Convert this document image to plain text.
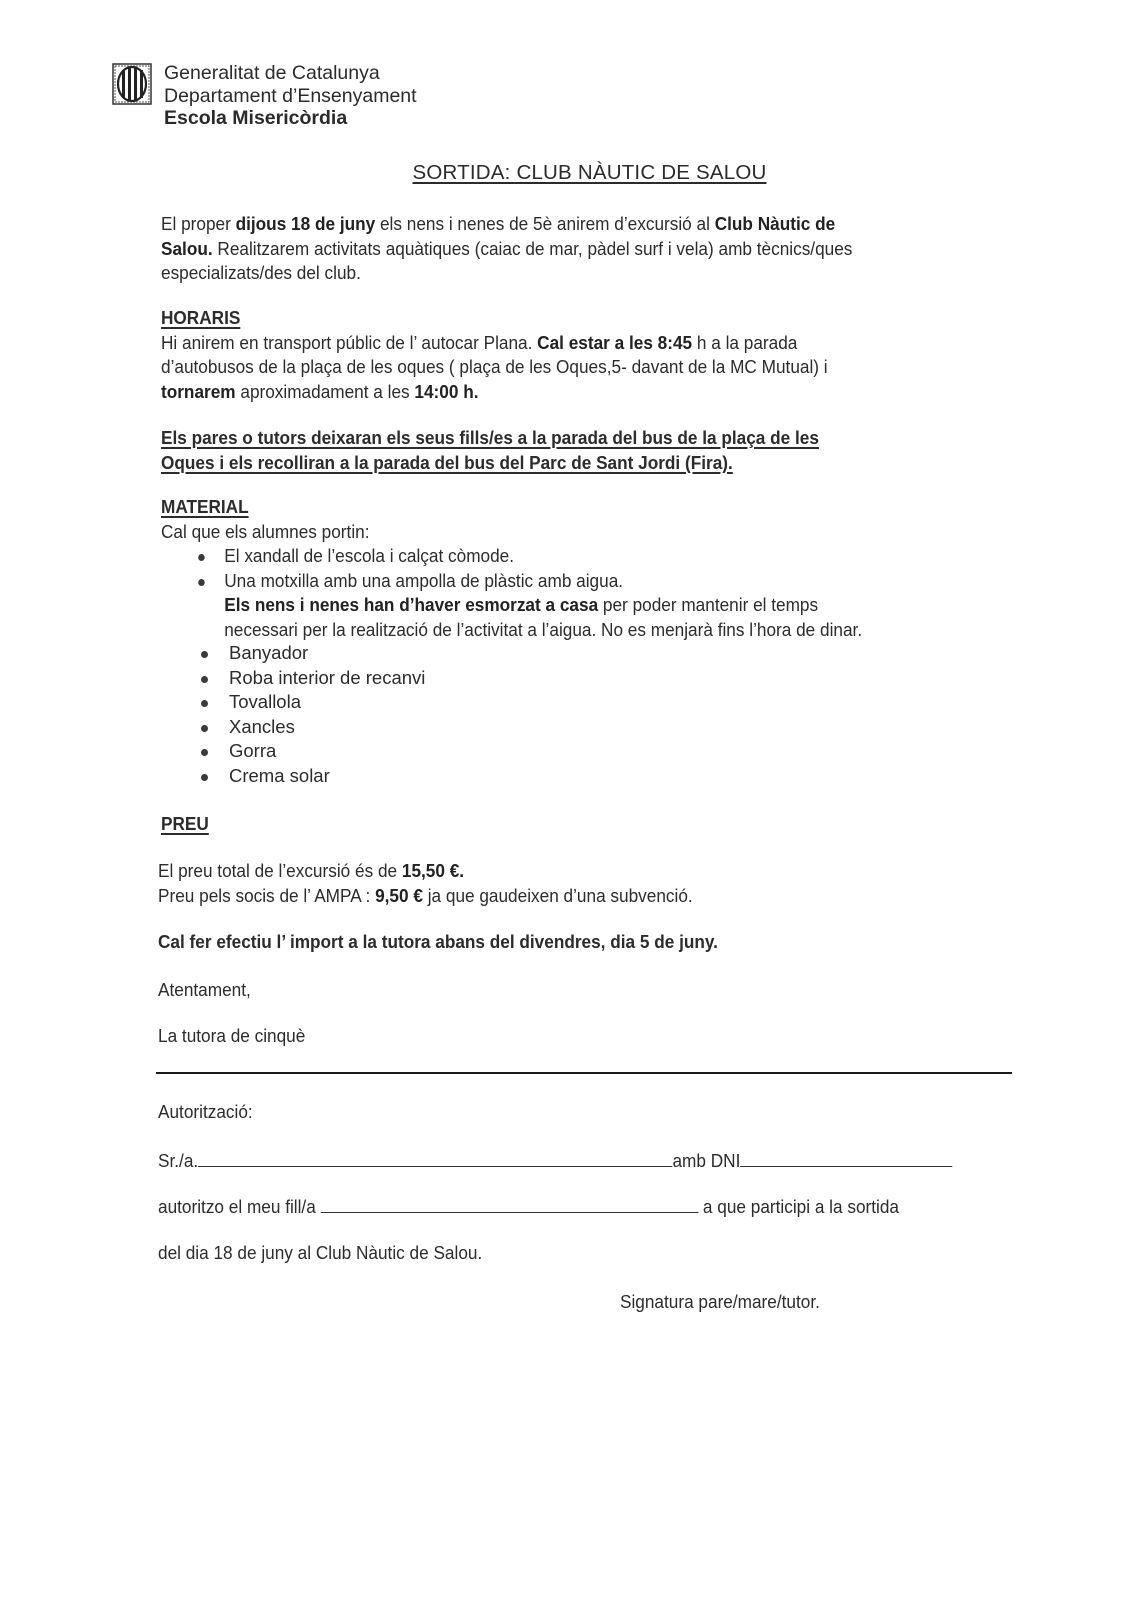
Generalitat de Catalunya
Departament d’Ensenyament
Escola Misericòrdia
SORTIDA: CLUB NÀUTIC DE SALOU
El proper dijous 18 de juny els nens i nenes de 5è anirem d’excursió al Club Nàutic de
Salou. Realitzarem activitats aquàtiques (caiac de mar, pàdel surf i vela) amb tècnics/ques
especializats/des del club.
HORARIS
Hi anirem en transport públic de l’ autocar Plana. Cal estar a les 8:45 h a la parada
d’autobusos de la plaça de les oques ( plaça de les Oques,5- davant de la MC Mutual) i
tornarem aproximadament a les 14:00 h.
Els pares o tutors deixaran els seus fills/es a la parada del bus de la plaça de les
Oques i els recolliran a la parada del bus del Parc de Sant Jordi (Fira).
MATERIAL
Cal que els alumnes portin:
El xandall de l’escola i calçat còmode.
Una motxilla amb una ampolla de plàstic amb aigua.
Els nens i nenes han d’haver esmorzat a casa per poder mantenir el temps
necessari per la realització de l’activitat a l’aigua. No es menjarà fins l’hora de dinar.
Banyador
Roba interior de recanvi
Tovallola
Xancles
Gorra
Crema solar
PREU
El preu total de l’excursió és de 15,50 €.
Preu pels socis de l’ AMPA : 9,50 € ja que gaudeixen d’una subvenció.
Cal fer efectiu l’ import a la tutora abans del divendres, dia 5 de juny.
Atentament,
La tutora de cinquè
Autorització:
Sr./a.	amb DNI
autoritzo el meu fill/a	a que participi a la sortida
del dia 18 de juny al Club Nàutic de Salou.
Signatura pare/mare/tutor.
